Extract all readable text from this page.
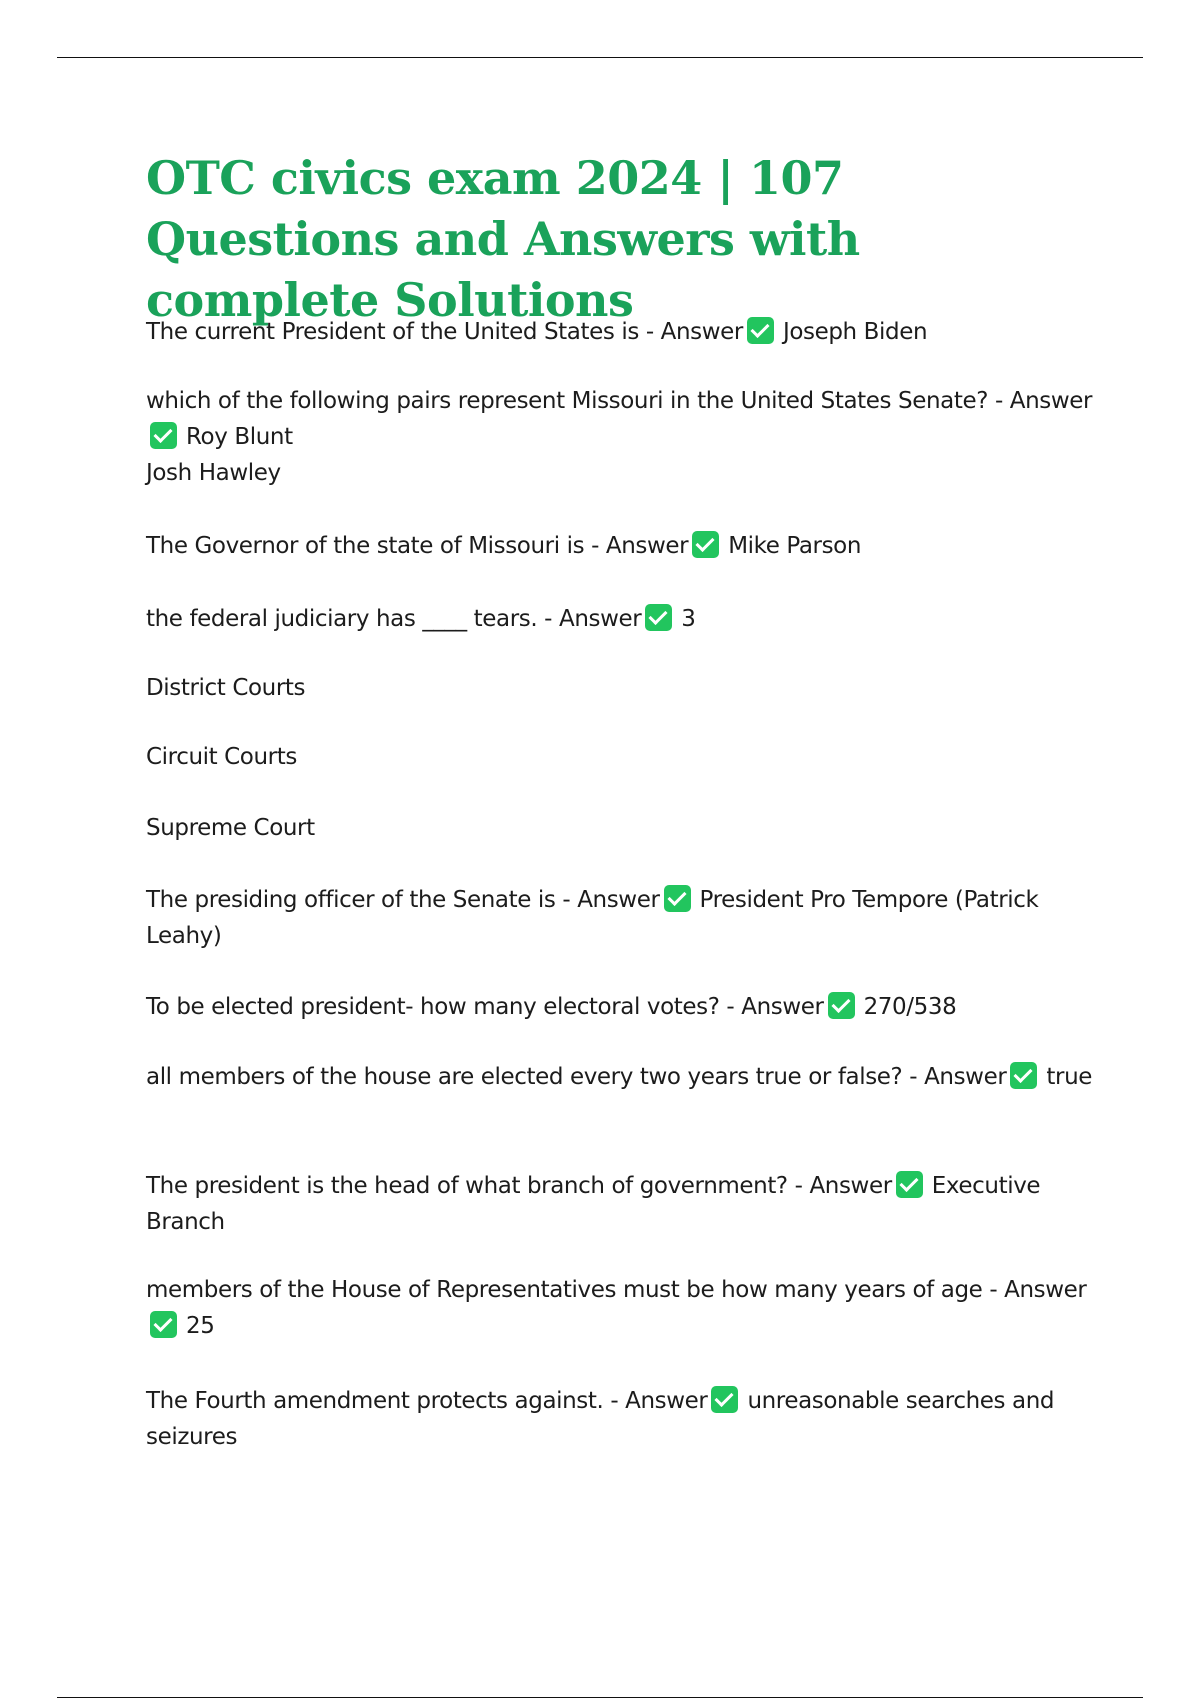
OTC civics exam 2024 | 107 Questions and Answers with complete Solutions

The current President of the United States is - Answer Joseph Biden

which of the following pairs represent Missouri in the United States Senate? - AnswerRoy Blunt
Josh Hawley

The Governor of the state of Missouri is - Answer Mike Parson

the federal judiciary has ____ tears. - Answer 3

District Courts

Circuit Courts

Supreme Court

The presiding officer of the Senate is - Answer President Pro Tempore (Patrick Leahy)

To be elected president- how many electoral votes? - Answer 270/538

all members of the house are elected every two years true or false? - Answer true

The president is the head of what branch of government? - Answer Executive Branch

members of the House of Representatives must be how many years of age - Answer25

The Fourth amendment protects against. - Answer unreasonable searches and seizures
